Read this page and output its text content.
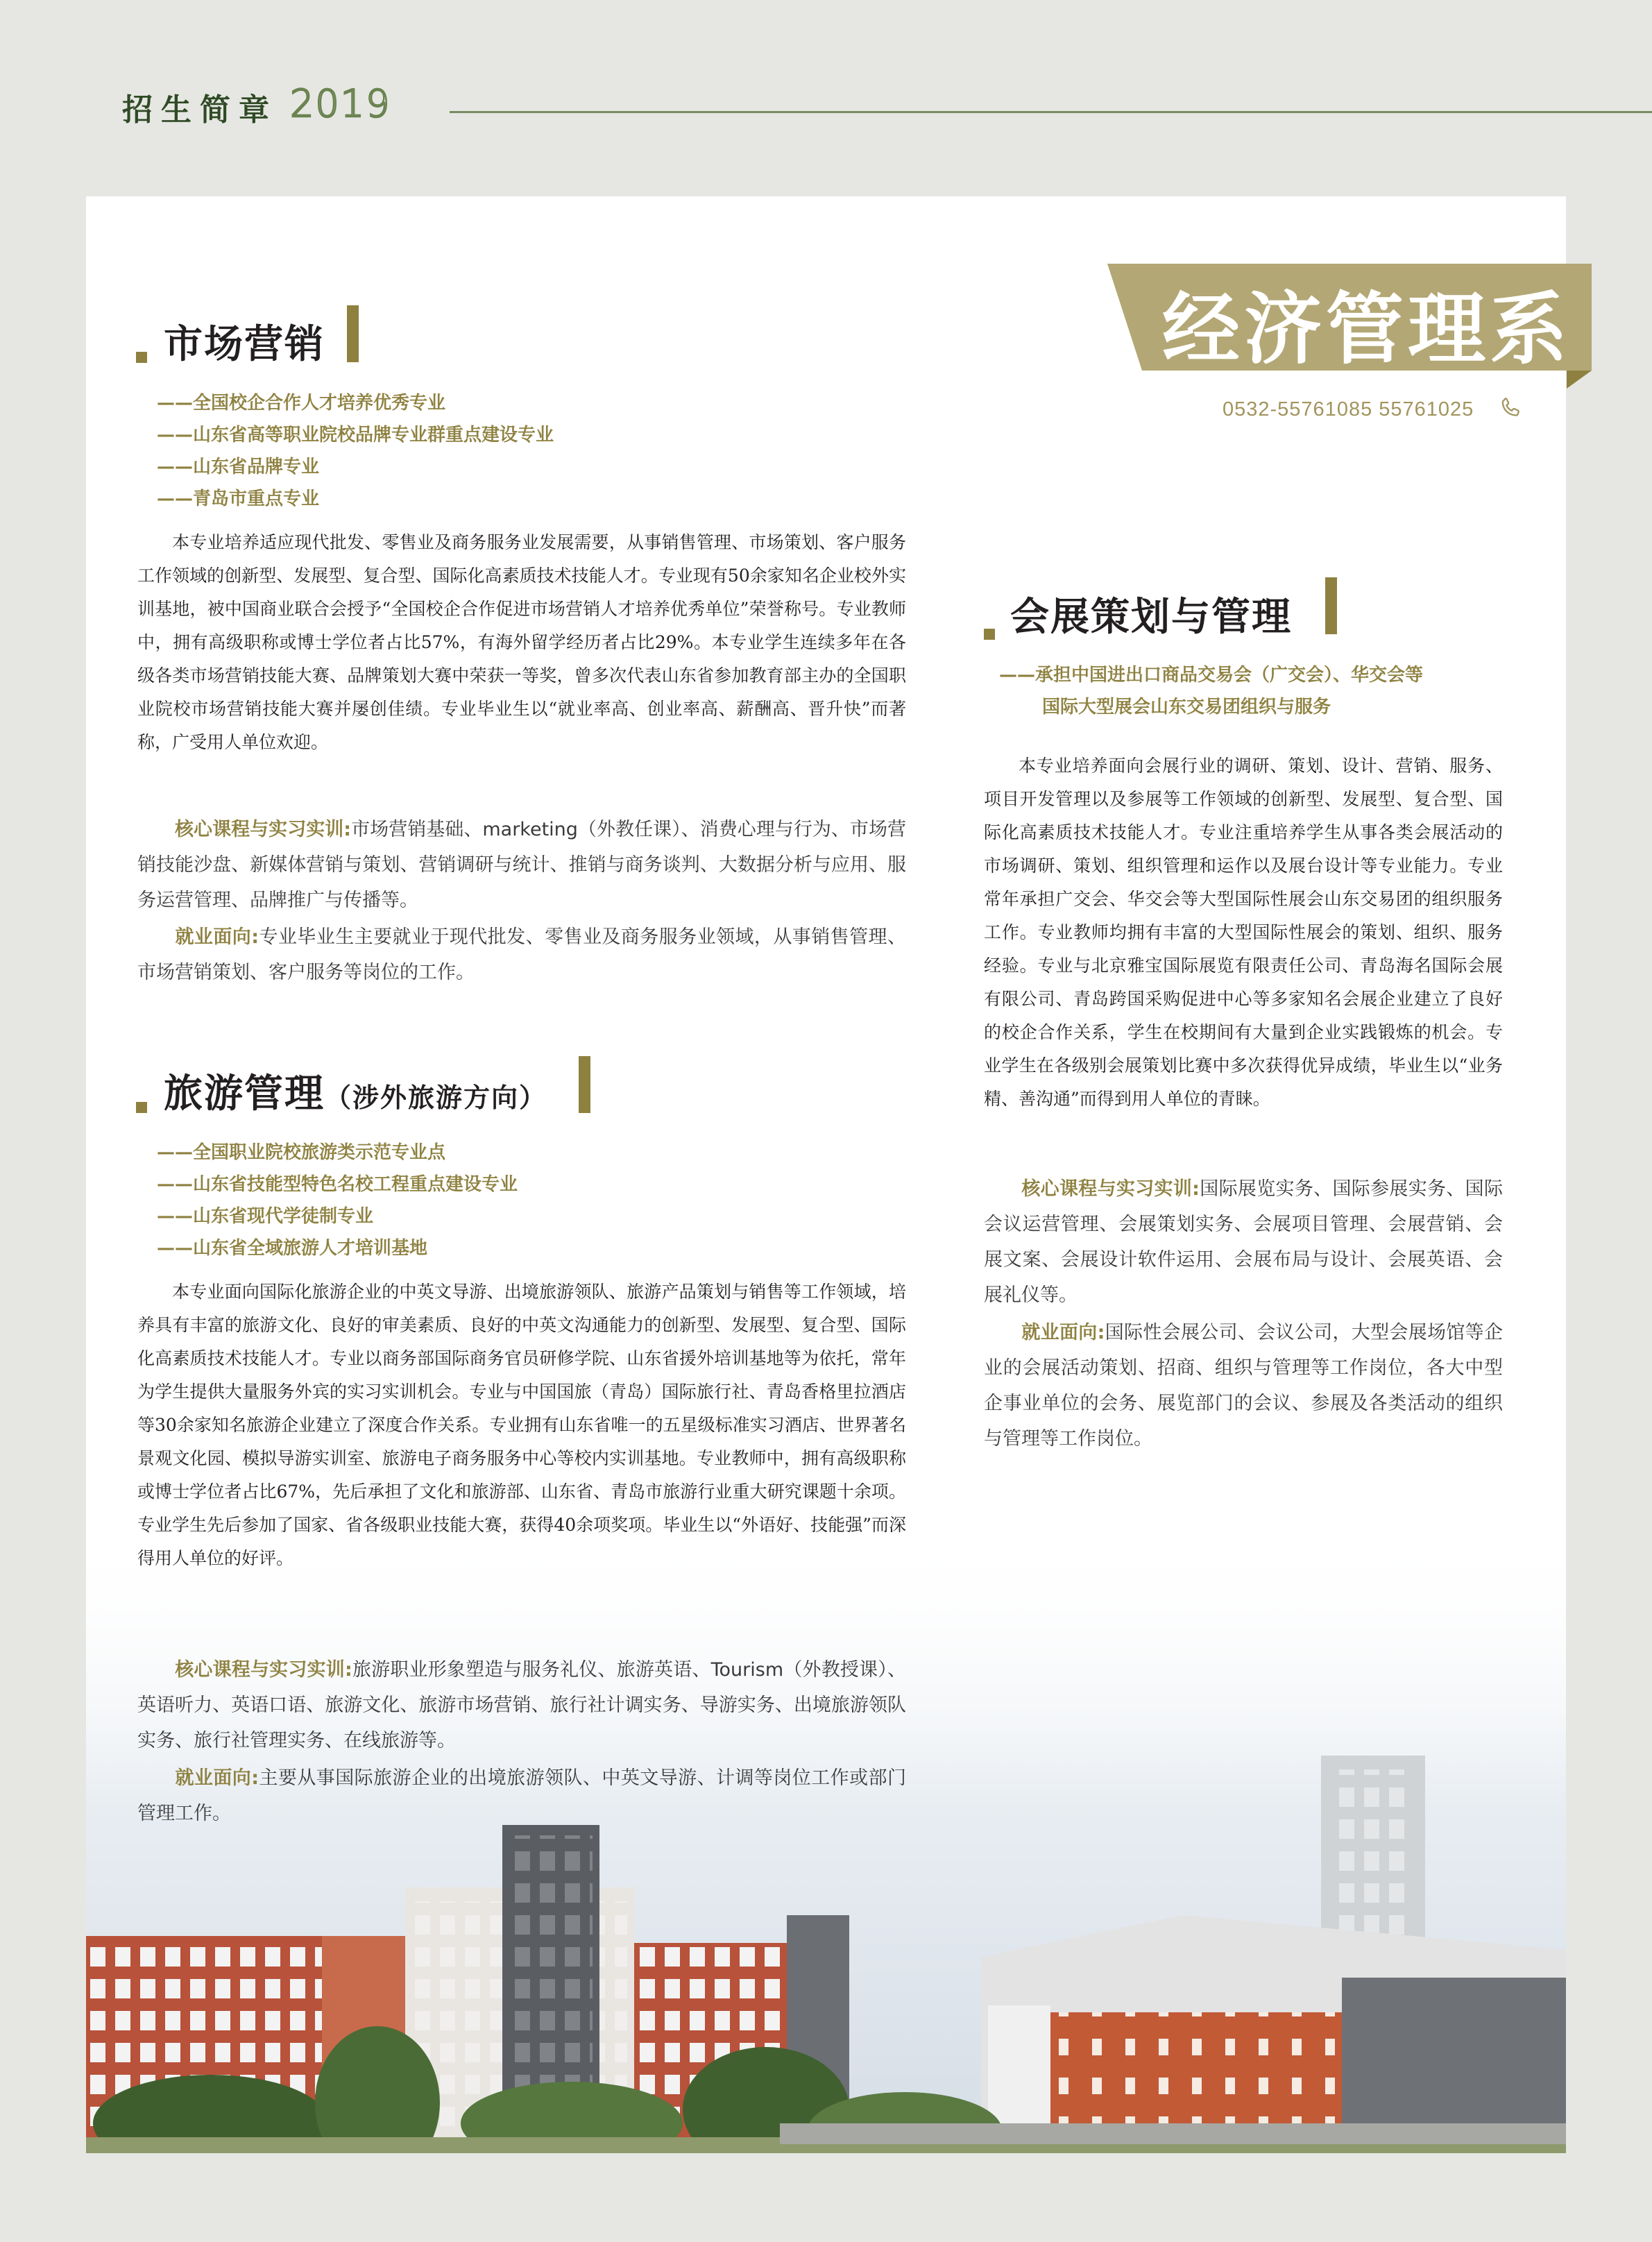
招生简章 2019
经济管理系
0532-55761085 55761025
市场营销
——全国校企合作人才培养优秀专业
——山东省高等职业院校品牌专业群重点建设专业
——山东省品牌专业
——青岛市重点专业

本专业培养适应现代批发、零售业及商务服务业发展需要，从事销售管理、市场策划、客户服务工作领域的创新型、发展型、复合型、国际化高素质技术技能人才。专业现有50余家知名企业校外实训基地，被中国商业联合会授予“全国校企合作促进市场营销人才培养优秀单位”荣誉称号。专业教师中，拥有高级职称或博士学位者占比57%，有海外留学经历者占比29%。本专业学生连续多年在各级各类市场营销技能大赛、品牌策划大赛中荣获一等奖，曾多次代表山东省参加教育部主办的全国职业院校市场营销技能大赛并屡创佳绩。专业毕业生以“就业率高、创业率高、薪酬高、晋升快”而著称，广受用人单位欢迎。

核心课程与实习实训:市场营销基础、marketing（外教任课）、消费心理与行为、市场营销技能沙盘、新媒体营销与策划、营销调研与统计、推销与商务谈判、大数据分析与应用、服务运营管理、品牌推广与传播等。

就业面向:专业毕业生主要就业于现代批发、零售业及商务服务业领域，从事销售管理、市场营销策划、客户服务等岗位的工作。

旅游管理（涉外旅游方向）
——全国职业院校旅游类示范专业点
——山东省技能型特色名校工程重点建设专业
——山东省现代学徒制专业
——山东省全域旅游人才培训基地

本专业面向国际化旅游企业的中英文导游、出境旅游领队、旅游产品策划与销售等工作领域，培养具有丰富的旅游文化、良好的审美素质、良好的中英文沟通能力的创新型、发展型、复合型、国际化高素质技术技能人才。专业以商务部国际商务官员研修学院、山东省援外培训基地等为依托，常年为学生提供大量服务外宾的实习实训机会。专业与中国国旅（青岛）国际旅行社、青岛香格里拉酒店等30余家知名旅游企业建立了深度合作关系。专业拥有山东省唯一的五星级标准实习酒店、世界著名景观文化园、模拟导游实训室、旅游电子商务服务中心等校内实训基地。专业教师中，拥有高级职称或博士学位者占比67%，先后承担了文化和旅游部、山东省、青岛市旅游行业重大研究课题十余项。专业学生先后参加了国家、省各级职业技能大赛，获得40余项奖项。毕业生以“外语好、技能强”而深得用人单位的好评。

核心课程与实习实训:旅游职业形象塑造与服务礼仪、旅游英语、Tourism（外教授课）、英语听力、英语口语、旅游文化、旅游市场营销、旅行社计调实务、导游实务、出境旅游领队实务、旅行社管理实务、在线旅游等。

就业面向:主要从事国际旅游企业的出境旅游领队、中英文导游、计调等岗位工作或部门管理工作。

会展策划与管理
——承担中国进出口商品交易会（广交会）、华交会等
国际大型展会山东交易团组织与服务

本专业培养面向会展行业的调研、策划、设计、营销、服务、项目开发管理以及参展等工作领域的创新型、发展型、复合型、国际化高素质技术技能人才。专业注重培养学生从事各类会展活动的市场调研、策划、组织管理和运作以及展台设计等专业能力。专业常年承担广交会、华交会等大型国际性展会山东交易团的组织服务工作。专业教师均拥有丰富的大型国际性展会的策划、组织、服务经验。专业与北京雅宝国际展览有限责任公司、青岛海名国际会展有限公司、青岛跨国采购促进中心等多家知名会展企业建立了良好的校企合作关系，学生在校期间有大量到企业实践锻炼的机会。专业学生在各级别会展策划比赛中多次获得优异成绩，毕业生以“业务精、善沟通”而得到用人单位的青睐。

核心课程与实习实训:国际展览实务、国际参展实务、国际会议运营管理、会展策划实务、会展项目管理、会展营销、会展文案、会展设计软件运用、会展布局与设计、会展英语、会展礼仪等。

就业面向:国际性会展公司、会议公司，大型会展场馆等企业的会展活动策划、招商、组织与管理等工作岗位，各大中型企事业单位的会务、展览部门的会议、参展及各类活动的组织与管理等工作岗位。
